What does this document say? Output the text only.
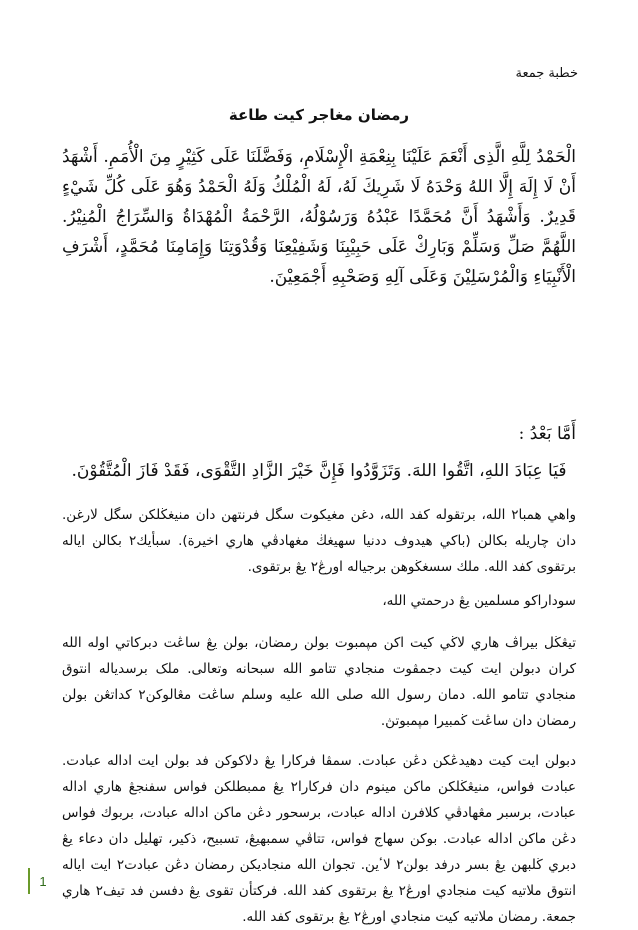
خطبة جمعة
رمضان مغاجر كيت طاعة
الْحَمْدُ لِلَّهِ الَّذِى أَنْعَمَ عَلَيْنَا بِنِعْمَةِ الْإِسْلَامِ، وَفَضَّلَنَا عَلَى كَثِيْرٍ مِنَ الْأُمَمِ. أَشْهَدُ أَنْ لَا إِلَهَ إِلَّا اللهُ وَحْدَهُ لَا شَرِيكَ لَهُ، لَهُ الْمُلْكُ وَلَهُ الْحَمْدُ وَهُوَ عَلَى كُلِّ شَيْءٍ قَدِيرٌ. وَأَشْهَدُ أَنَّ مُحَمَّدًا عَبْدُهُ وَرَسُوْلُهُ، الرَّحْمَةُ الْمُهْدَاةُ وَالسِّرَاجُ الْمُنِيْرُ. اللَّهُمَّ صَلِّ وَسَلِّمْ وَبَارِكْ عَلَى حَبِيْبِنَا وَشَفِيْعِنَا وَقُدْوَتِنَا وَإِمَامِنَا مُحَمَّدٍ، أَشْرَفِ الْأَنْبِيَاءِ وَالْمُرْسَلِيْنَ وَعَلَى آلِهِ وَصَحْبِهِ أَجْمَعِيْنَ.
أَمَّا بَعْدُ :
فَيَا عِبَادَ اللهِ، اتَّقُوا اللهَ. وَتَزَوَّدُوا فَإِنَّ خَيْرَ الزَّادِ التَّقْوَى، فَقَدْ فَازَ الْمُتَّقُوْنَ.
واهي همبا٢ الله، برتقوله كفد الله، دغن مغيكوت سگل فرنتهن دان منيغڬلكن سگل لارغن. دان چاريله بكالن (باكي هيدوف ددنيا سهيغڬ مغهادڤي هاري اخيرة). سبأيك٢ بكالن اياله برتقوى كفد الله. ملك سسغڬوهن برجياله اورڠ٢ يڠ برتقوى.
سوداراكو مسلمين يڠ درحمتي الله،
تيڠڬل بيراڤ هاري لاڬي كيت اكن مپمبوت بولن رمضان، بولن يڠ ساڠت دبركاتي اوله الله كران دبولن ايت كيت دجمڤوت منجادي تتامو الله سبحانه وتعالى. ملک برسدياله انتوق منجادي تتامو الله. دمان رسول الله صلى الله عليه وسلم ساڠت مڠالوكن٢ كداتڠن بولن رمضان دان ساڠت ڬمبيرا مپمبوتڽ.
دبولن ايت كيت دهيدڠكن دڠن عبادت. سمڤا فركارا يڠ دلاكوكن فد بولن ايت اداله عبادت. عبادت فواس، منيڠڬلكن ماكن مينوم دان فركارا٢ يڠ ممبطلكن فواس سفنجڠ هاري اداله عبادت، برسبر مڠهادڤي كلافرن اداله عبادت، برسحور دڠن ماكن اداله عبادت، بربوك فواس دڠن ماكن اداله عبادت. بوكن سهاج فواس، تتاڤي سمبهيڠ، تسبيح، ذكير، تهليل دان دعاء يڠ دبري ڬلبهن يڠ بسر درفد بولن٢ لاٴين. تجوان الله منجاديكن رمضان دڠن عبادت٢ ايت اياله انتوق ملاتيه كيت منجادي اورڠ٢ يڠ برتقوى كفد الله. فركتأن تقوى يڠ دفسن فد تيف٢ هاري جمعة. رمضان ملاتيه كيت منجادي اورڠ٢ يڠ برتقوى كفد الله.
1
